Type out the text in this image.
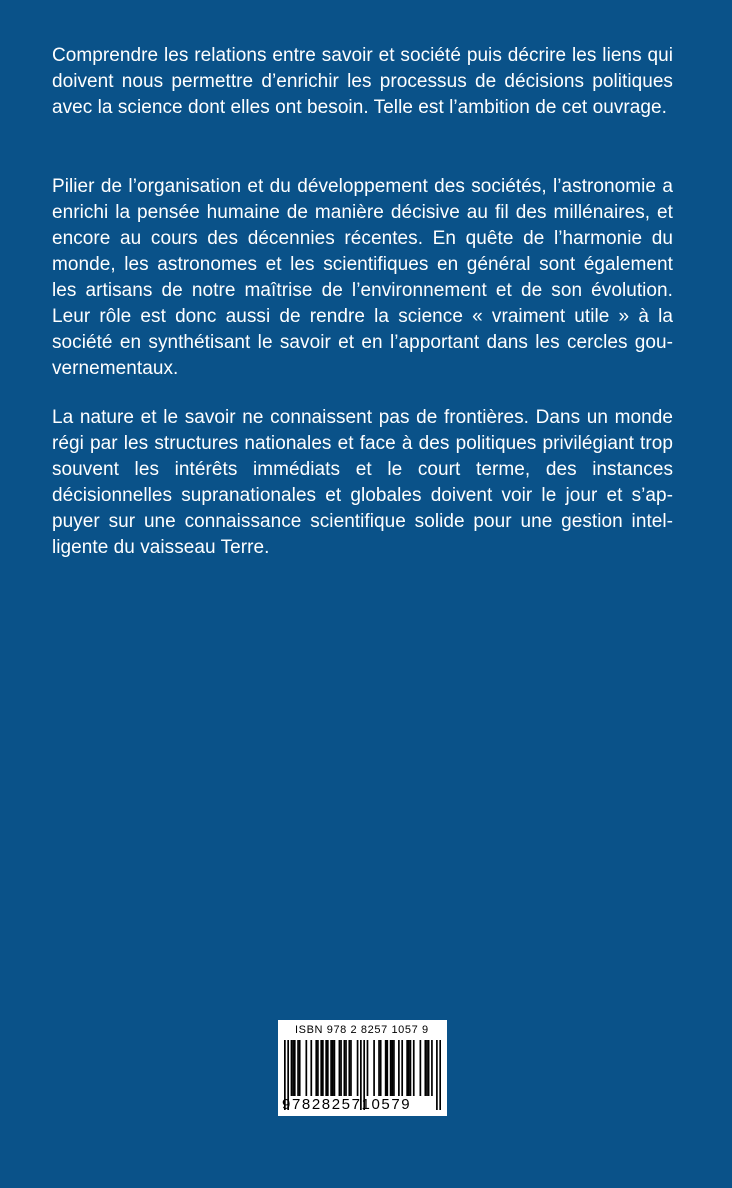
Comprendre les relations entre savoir et société puis décrire les liens qui doivent nous permettre d’enrichir les processus de décisions politiques avec la science dont elles ont besoin. Telle est l’ambition de cet ouvrage.

Pilier de l’organisation et du développement des sociétés, l’astronomie a enrichi la pensée humaine de manière décisive au fil des millénaires, et encore au cours des décennies récentes. En quête de l’harmonie du monde, les astronomes et les scientifiques en général sont également les artisans de notre maîtrise de l’environnement et de son évolution. Leur rôle est donc aussi de rendre la science « vraiment utile » à la société en synthétisant le savoir et en l’apportant dans les cercles gouvernementaux.

La nature et le savoir ne connaissent pas de frontières. Dans un monde régi par les structures nationales et face à des politiques privilégiant trop souvent les intérêts immédiats et le court terme, des instances décisionnelles supranationales et globales doivent voir le jour et s’appuyer sur une connaissance scientifique solide pour une gestion intelligente du vaisseau Terre.

ISBN 978 2 8257 1057 9
9782825710579
